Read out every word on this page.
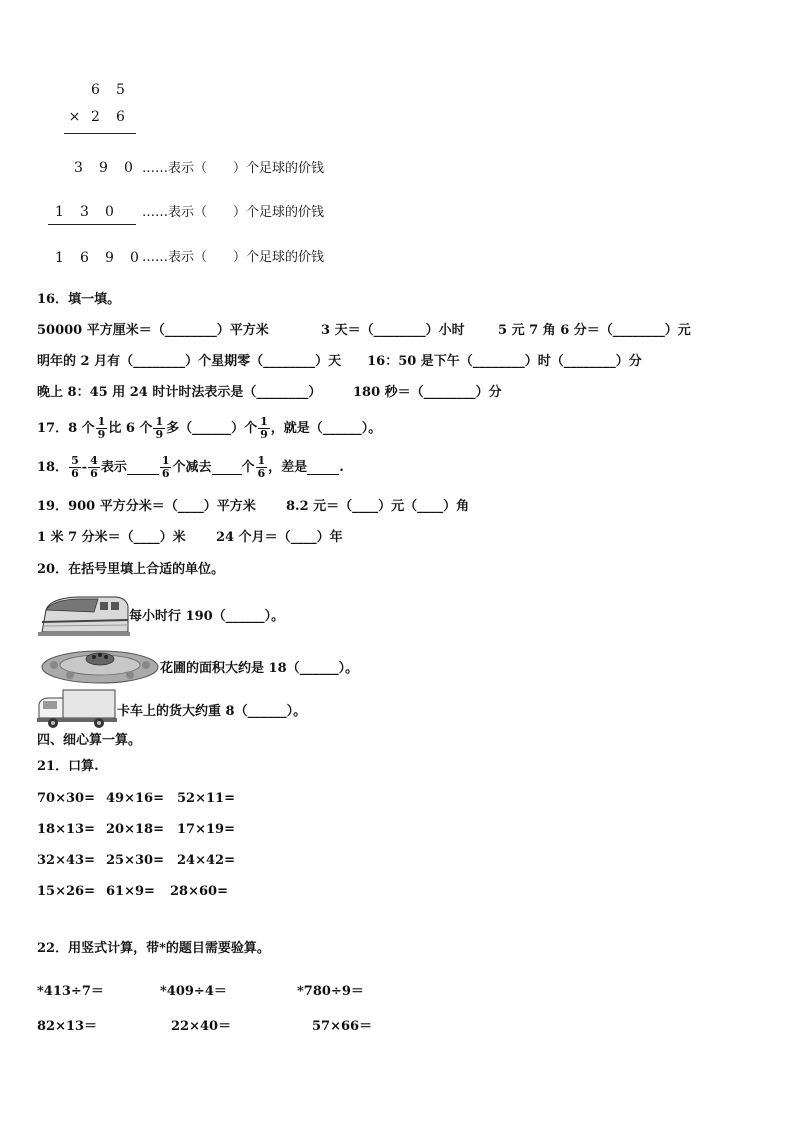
6 5
× 2 6
3 9 0 ……表示（　　）个足球的价钱
1 3 0	……表示（　　）个足球的价钱
1 6 9 0 ……表示（　　）个足球的价钱
16．填一填。
50000 平方厘米＝（________）平方米	3 天＝（________）小时	5 元 7 角 6 分＝（________）元
明年的 2 月有（________）个星期零（________）天　　16：50 是下午（________）时（________）分
晚上 8：45 用 24 时计时法表示是（________） 180 秒＝（________）分
17．8 个 $\frac{1}{9}$ 比 6 个 $\frac{1}{9}$ 多（______）个 $\frac{1}{9}$ ，就是（______）。
18． $\frac{5}{6} - \frac{4}{6}$ 表示	$\frac{1}{6}$ 个减去 个 $\frac{1}{6}$ ，差是 .
19．900 平方分米＝（____）平方米 8.2 元＝（____）元（____）角
1 米 7 分米＝（____）米 24 个月＝（____）年
20．在括号里填上合适的单位。
每小时行 190（______）。
花圃的面积大约是 18（______）。
卡车上的货大约重 8（______）。
四、细心算一算。
21．口算.
70×30= 49×16= 52×11=
18×13= 20×18= 17×19=
32×43= 25×30= 24×42=
15×26= 61×9= 28×60=
22．用竖式计算，带*的题目需要验算。
*413÷7＝	*409÷4＝	*780÷9＝
82×13＝	22×40＝	57×66＝
